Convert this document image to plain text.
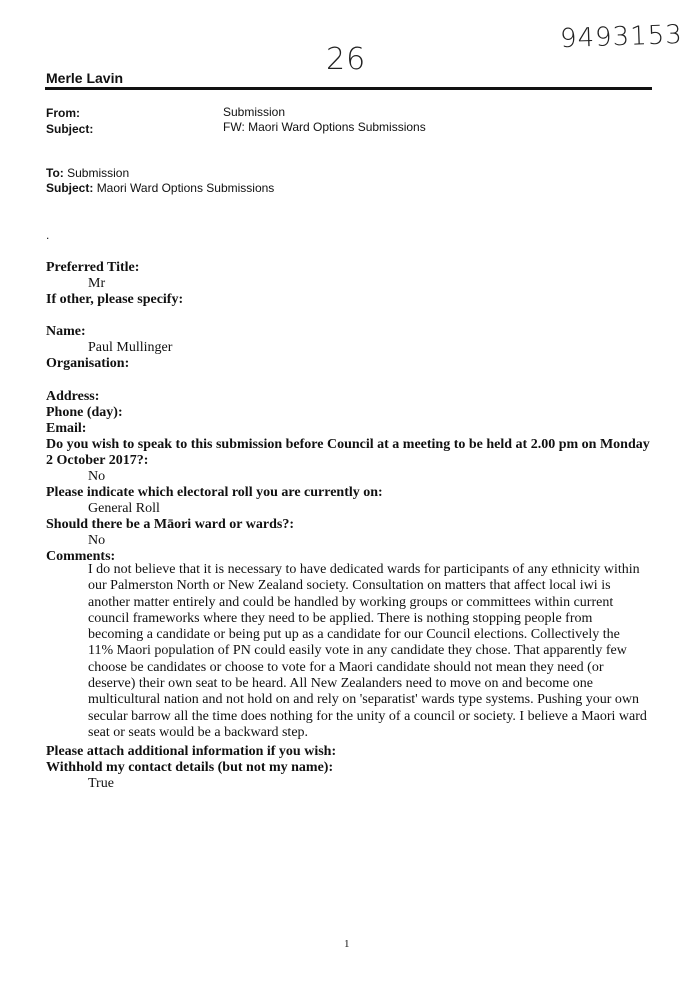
9493153
26
Merle Lavin
From:	Submission
Subject:	FW: Maori Ward Options Submissions
To: Submission
Subject: Maori Ward Options Submissions
.
Preferred Title:
Mr
If other, please specify:
Name:
Paul Mullinger
Organisation:
Address:
Phone (day):
Email:
Do you wish to speak to this submission before Council at a meeting to be held at 2.00 pm on Monday 2 October 2017?:
No
Please indicate which electoral roll you are currently on:
General Roll
Should there be a Māori ward or wards?:
No
Comments:
I do not believe that it is necessary to have dedicated wards for participants of any ethnicity within our Palmerston North or New Zealand society. Consultation on matters that affect local iwi is another matter entirely and could be handled by working groups or committees within current council frameworks where they need to be applied. There is nothing stopping people from becoming a candidate or being put up as a candidate for our Council elections. Collectively the 11% Maori population of PN could easily vote in any candidate they chose. That apparently few choose be candidates or choose to vote for a Maori candidate should not mean they need (or deserve) their own seat to be heard. All New Zealanders need to move on and become one multicultural nation and not hold on and rely on 'separatist' wards type systems. Pushing your own secular barrow all the time does nothing for the unity of a council or society. I believe a Maori ward seat or seats would be a backward step.
Please attach additional information if you wish:
Withhold my contact details (but not my name):
True
1
